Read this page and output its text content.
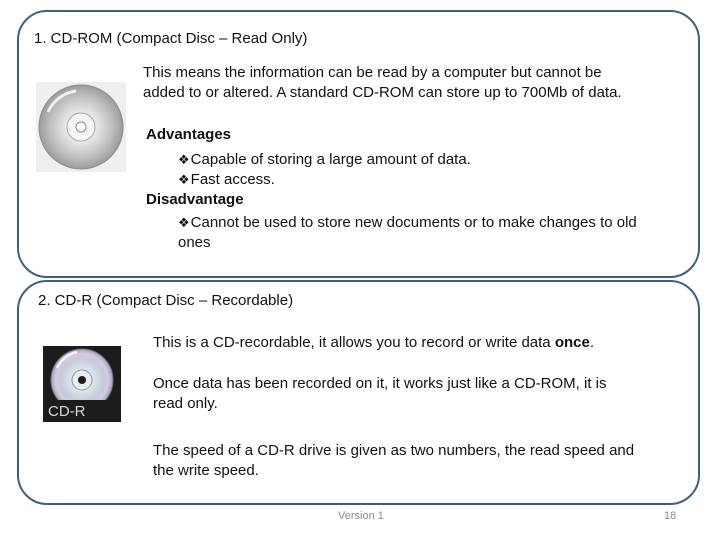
1. CD-ROM (Compact Disc – Read Only)
This means the information can be read by a computer but cannot be
added to or altered. A standard CD-ROM can store up to 700Mb of data.
Advantages
❖Capable of storing a large amount of data.
❖Fast access.
Disadvantage
❖Cannot be used to store new documents or to make changes to old
ones
2. CD-R (Compact Disc – Recordable)
CD-R
This is a CD-recordable, it allows you to record or write data once.
Once data has been recorded on it, it works just like a CD-ROM, it is
read only.
The speed of a CD-R drive is given as two numbers, the read speed and
the write speed.
Version 1	18
